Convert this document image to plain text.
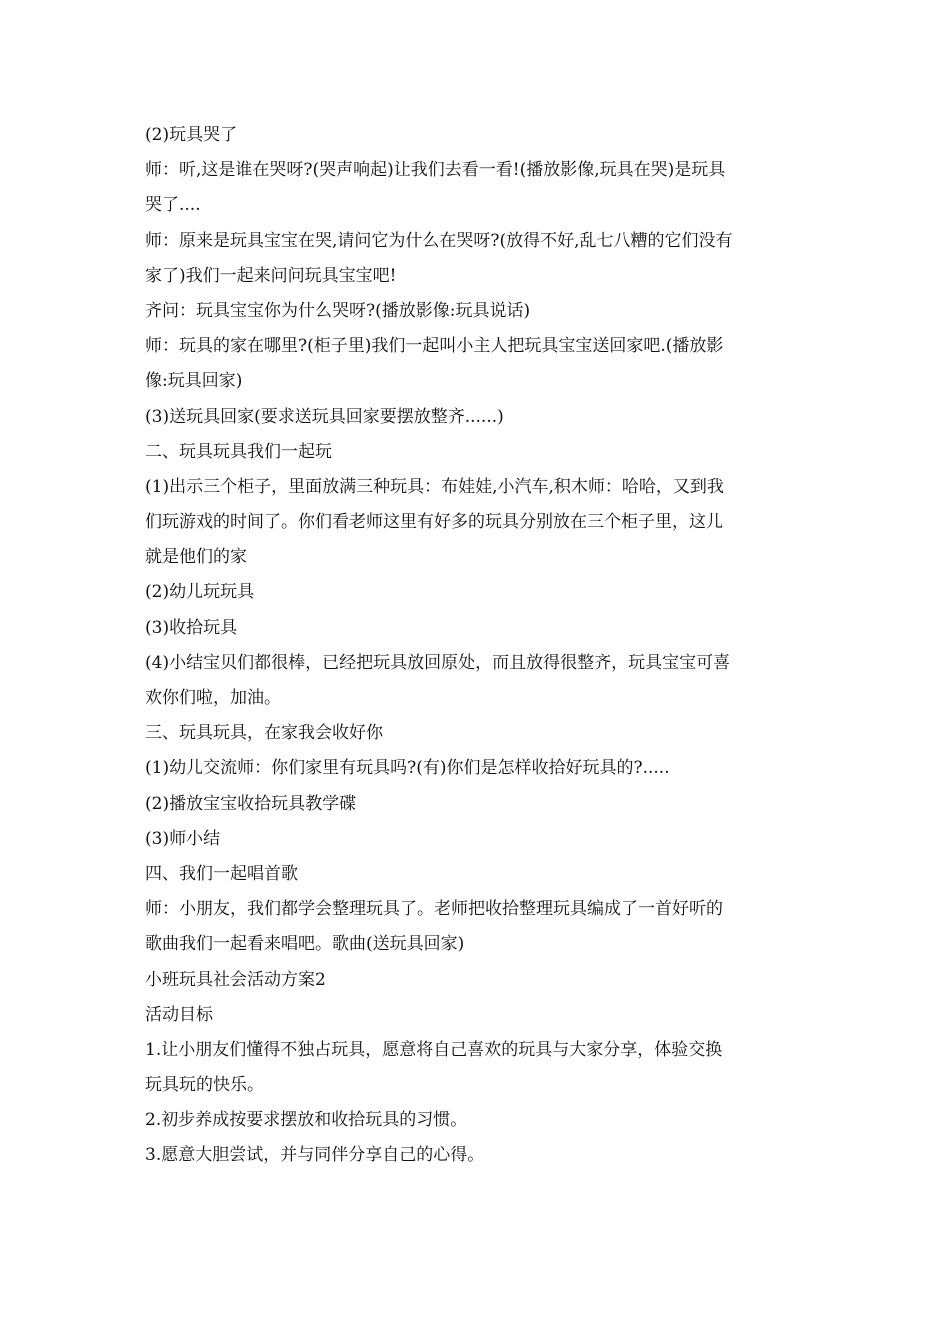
(2)玩具哭了

师：听,这是谁在哭呀?(哭声响起)让我们去看一看!(播放影像,玩具在哭)是玩具
哭了....

师：原来是玩具宝宝在哭,请问它为什么在哭呀?(放得不好,乱七八糟的它们没有
家了)我们一起来问问玩具宝宝吧!

齐问：玩具宝宝你为什么哭呀?(播放影像:玩具说话)

师：玩具的家在哪里?(柜子里)我们一起叫小主人把玩具宝宝送回家吧.(播放影
像:玩具回家)

(3)送玩具回家(要求送玩具回家要摆放整齐......)

二、玩具玩具我们一起玩

(1)出示三个柜子，里面放满三种玩具：布娃娃,小汽车,积木师：哈哈，又到我
们玩游戏的时间了。你们看老师这里有好多的玩具分别放在三个柜子里，这儿
就是他们的家

(2)幼儿玩玩具

(3)收拾玩具

(4)小结宝贝们都很棒，已经把玩具放回原处，而且放得很整齐，玩具宝宝可喜
欢你们啦，加油。

三、玩具玩具，在家我会收好你

(1)幼儿交流师：你们家里有玩具吗?(有)你们是怎样收拾好玩具的?.....

(2)播放宝宝收拾玩具教学碟

(3)师小结

四、我们一起唱首歌

师：小朋友，我们都学会整理玩具了。老师把收拾整理玩具编成了一首好听的
歌曲我们一起看来唱吧。歌曲(送玩具回家)

小班玩具社会活动方案2

活动目标

1.让小朋友们懂得不独占玩具，愿意将自己喜欢的玩具与大家分享，体验交换
玩具玩的快乐。

2.初步养成按要求摆放和收拾玩具的习惯。

3.愿意大胆尝试，并与同伴分享自己的心得。
